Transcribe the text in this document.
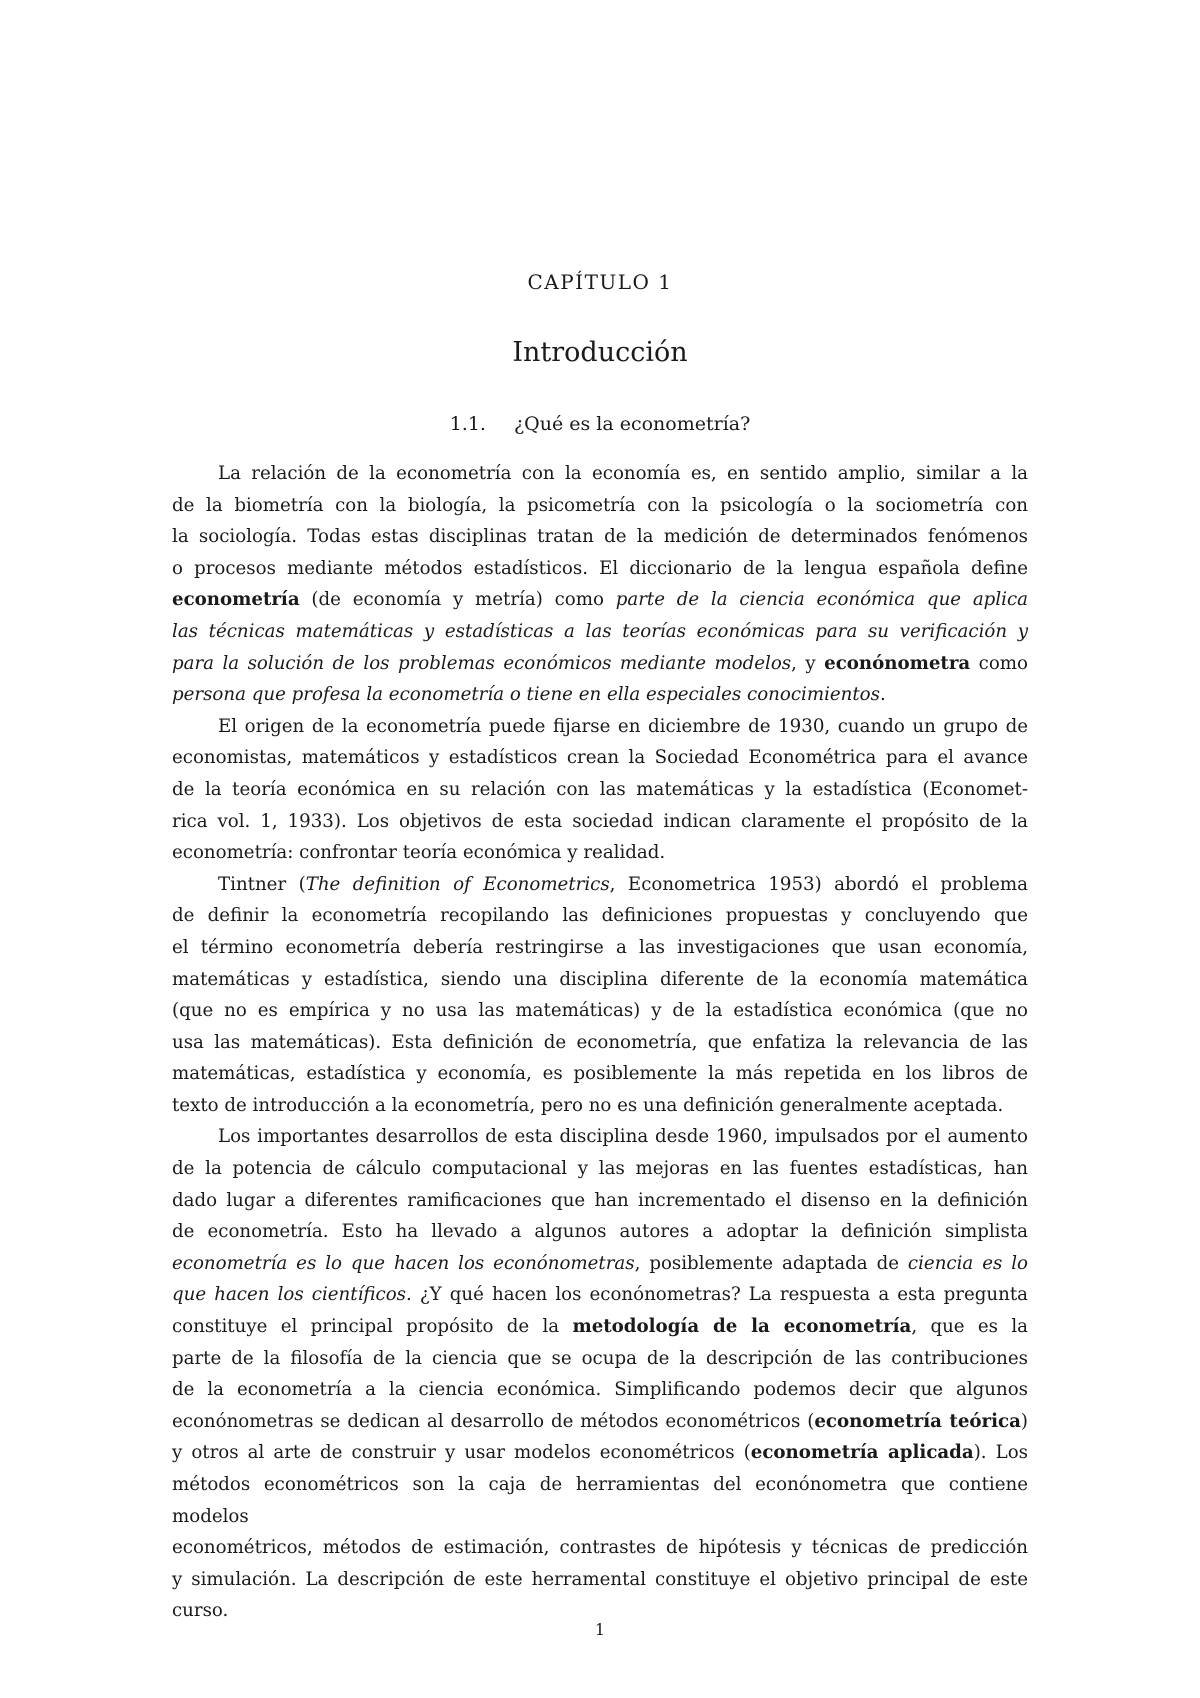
CAPÍTULO 1
Introducción
1.1. ¿Qué es la econometría?
La relación de la econometría con la economía es, en sentido amplio, similar a la
de la biometría con la biología, la psicometría con la psicología o la sociometría con
la sociología. Todas estas disciplinas tratan de la medición de determinados fenómenos
o procesos mediante métodos estadísticos. El diccionario de la lengua española define
econometría (de economía y metría) como parte de la ciencia económica que aplica
las técnicas matemáticas y estadísticas a las teorías económicas para su verificación y
para la solución de los problemas económicos mediante modelos, y econónometra como
persona que profesa la econometría o tiene en ella especiales conocimientos.
El origen de la econometría puede fijarse en diciembre de 1930, cuando un grupo de
economistas, matemáticos y estadísticos crean la Sociedad Econométrica para el avance
de la teoría económica en su relación con las matemáticas y la estadística (Economet-
rica vol. 1, 1933). Los objetivos de esta sociedad indican claramente el propósito de la
econometría: confrontar teoría económica y realidad.
Tintner (The definition of Econometrics, Econometrica 1953) abordó el problema
de definir la econometría recopilando las definiciones propuestas y concluyendo que
el término econometría debería restringirse a las investigaciones que usan economía,
matemáticas y estadística, siendo una disciplina diferente de la economía matemática
(que no es empírica y no usa las matemáticas) y de la estadística económica (que no
usa las matemáticas). Esta definición de econometría, que enfatiza la relevancia de las
matemáticas, estadística y economía, es posiblemente la más repetida en los libros de
texto de introducción a la econometría, pero no es una definición generalmente aceptada.
Los importantes desarrollos de esta disciplina desde 1960, impulsados por el aumento
de la potencia de cálculo computacional y las mejoras en las fuentes estadísticas, han
dado lugar a diferentes ramificaciones que han incrementado el disenso en la definición
de econometría. Esto ha llevado a algunos autores a adoptar la definición simplista
econometría es lo que hacen los econónometras, posiblemente adaptada de ciencia es lo
que hacen los científicos. ¿Y qué hacen los econónometras? La respuesta a esta pregunta
constituye el principal propósito de la metodología de la econometría, que es la
parte de la filosofía de la ciencia que se ocupa de la descripción de las contribuciones
de la econometría a la ciencia económica. Simplificando podemos decir que algunos
econónometras se dedican al desarrollo de métodos econométricos (econometría teórica)
y otros al arte de construir y usar modelos econométricos (econometría aplicada). Los
métodos econométricos son la caja de herramientas del econónometra que contiene modelos
econométricos, métodos de estimación, contrastes de hipótesis y técnicas de predicción
y simulación. La descripción de este herramental constituye el objetivo principal de este
curso.
1
